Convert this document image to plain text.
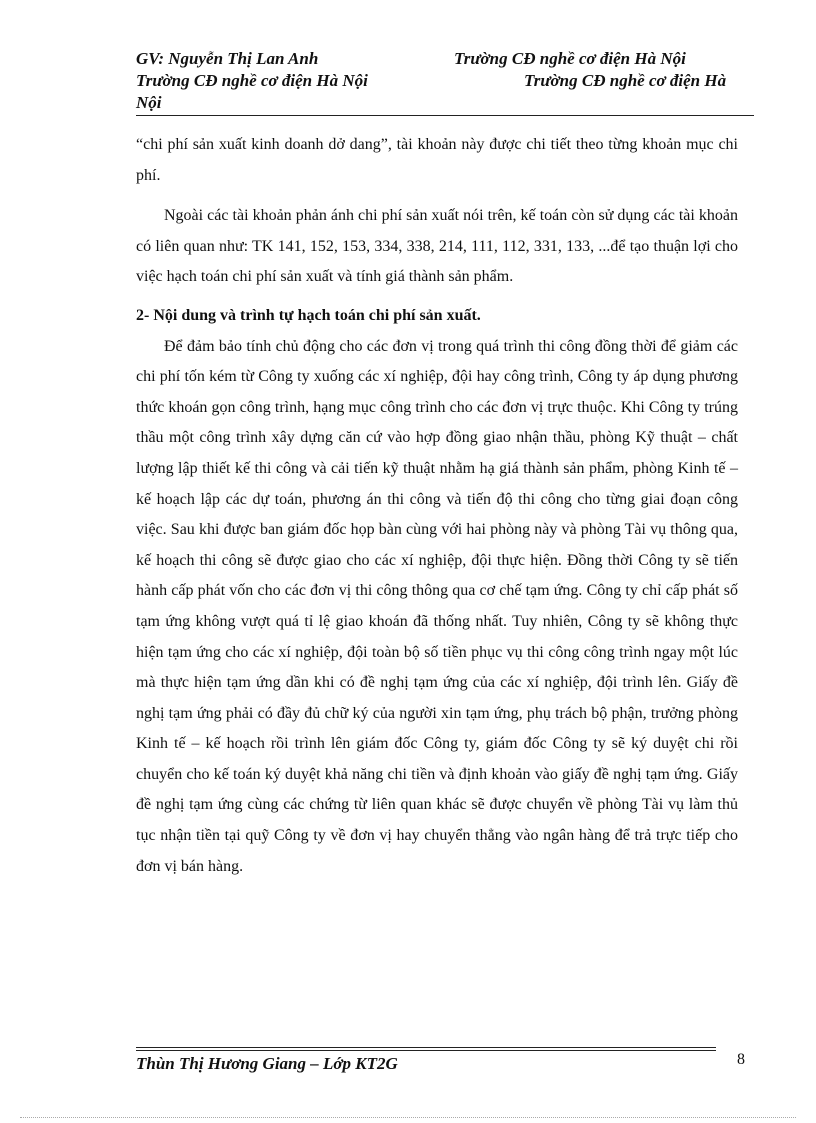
GV: Nguyễn Thị Lan Anh	Trường CĐ nghề cơ điện Hà Nội
Trường CĐ nghề cơ điện Hà Nội	Trường CĐ nghề cơ điện Hà
Nội

“chi phí sản xuất kinh doanh dở dang”, tài khoản này được chi tiết theo từng khoản mục chi phí.

Ngoài các tài khoản phản ánh chi phí sản xuất nói trên, kế toán còn sử dụng các tài khoản có liên quan như: TK 141, 152, 153, 334, 338, 214, 111, 112, 331, 133, ...để tạo thuận lợi cho việc hạch toán chi phí sản xuất và tính giá thành sản phẩm.

2- Nội dung và trình tự hạch toán chi phí sản xuất.

Để đảm bảo tính chủ động cho các đơn vị trong quá trình thi công đồng thời để giảm các chi phí tốn kém từ Công ty xuống các xí nghiệp, đội hay công trình, Công ty áp dụng phương thức khoán gọn công trình, hạng mục công trình cho các đơn vị trực thuộc. Khi Công ty trúng thầu một công trình xây dựng căn cứ vào hợp đồng giao nhận thầu, phòng Kỹ thuật – chất lượng lập thiết kế thi công và cải tiến kỹ thuật nhằm hạ giá thành sản phẩm, phòng Kinh tế – kế hoạch lập các dự toán, phương án thi công và tiến độ thi công cho từng giai đoạn công việc. Sau khi được ban giám đốc họp bàn cùng với hai phòng này và phòng Tài vụ thông qua, kế hoạch thi công sẽ được giao cho các xí nghiệp, đội thực hiện. Đồng thời Công ty sẽ tiến hành cấp phát vốn cho các đơn vị thi công thông qua cơ chế tạm ứng. Công ty chỉ cấp phát số tạm ứng không vượt quá tỉ lệ giao khoán đã thống nhất. Tuy nhiên, Công ty sẽ không thực hiện tạm ứng cho các xí nghiệp, đội toàn bộ số tiền phục vụ thi công công trình ngay một lúc mà thực hiện tạm ứng dần khi có đề nghị tạm ứng của các xí nghiệp, đội trình lên. Giấy đề nghị tạm ứng phải có đầy đủ chữ ký của người xin tạm ứng, phụ trách bộ phận, trưởng phòng Kinh tế – kế hoạch rồi trình lên giám đốc Công ty, giám đốc Công ty sẽ ký duyệt chi rồi chuyển cho kế toán ký duyệt khả năng chi tiền và định khoản vào giấy đề nghị tạm ứng. Giấy đề nghị tạm ứng cùng các chứng từ liên quan khác sẽ được chuyển về phòng Tài vụ làm thủ tục nhận tiền tại quỹ Công ty về đơn vị hay chuyển thẳng vào ngân hàng để trả trực tiếp cho đơn vị bán hàng.

Thùn Thị Hương Giang – Lớp KT2G	8
